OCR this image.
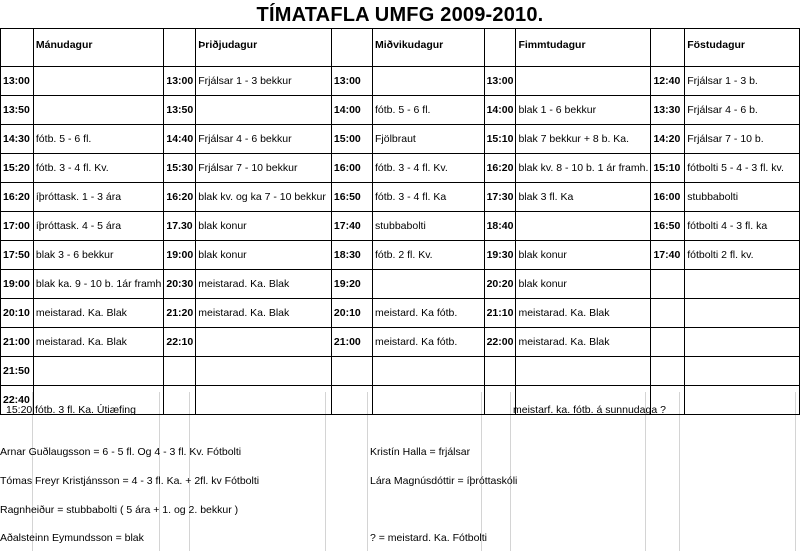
TÍMATAFLA UMFG 2009-2010.
	Mánudagur		Þriðjudagur		Miðvikudagur		Fimmtudagur		Föstudagur
13:00		13:00	Frjálsar 1 - 3 bekkur	13:00		13:00		12:40	Frjálsar 1 - 3 b.
13:50		13:50		14:00	fótb. 5 - 6 fl.	14:00	blak 1 - 6 bekkur	13:30	Frjálsar 4 - 6 b.
14:30	fótb. 5 - 6 fl.	14:40	Frjálsar 4 - 6 bekkur	15:00	Fjölbraut	15:10	blak 7 bekkur + 8 b. Ka.	14:20	Frjálsar 7 - 10 b.
15:20	fótb. 3 - 4 fl. Kv.	15:30	Frjálsar 7 - 10 bekkur	16:00	fótb. 3 - 4 fl. Kv.	16:20	blak kv. 8 - 10 b. 1 ár framh.	15:10	fótbolti 5 - 4 - 3 fl. kv.
16:20	íþróttask. 1 - 3 ára	16:20	blak kv. og ka 7 - 10 bekkur	16:50	fótb. 3 - 4 fl. Ka	17:30	blak 3 fl. Ka	16:00	stubbabolti
17:00	íþróttask. 4 - 5 ára	17.30	blak konur	17:40	stubbabolti	18:40		16:50	fótbolti 4 - 3 fl. ka
17:50	blak 3 - 6 bekkur	19:00	blak konur	18:30	fótb. 2 fl. Kv.	19:30	blak konur	17:40	fótbolti 2 fl. kv.
19:00	blak ka. 9 - 10 b. 1ár framh	20:30	meistarad. Ka. Blak	19:20		20:20	blak konur		
20:10	meistarad. Ka. Blak	21:20	meistarad. Ka. Blak	20:10	meistard. Ka fótb.	21:10	meistarad. Ka. Blak		
21:00	meistarad. Ka. Blak	22:10		21:00	meistard. Ka fótb.	22:00	meistarad. Ka. Blak		
21:50									
22:40									
15:20 fótb. 3 fl. Ka. Útiæfing	meistarf. ka. fótb. á sunnudaga ?
Arnar Guðlaugsson = 6 - 5 fl. Og 4 - 3 fl. Kv. Fótbolti	Kristín Halla = frjálsar
Tómas Freyr Kristjánsson = 4 - 3 fl. Ka. + 2fl. kv Fótbolti	Lára Magnúsdóttir = íþróttaskóli
Ragnheiður = stubbabolti ( 5 ára + 1. og 2. bekkur )
Aðalsteinn Eymundsson = blak	? = meistard. Ka. Fótbolti
